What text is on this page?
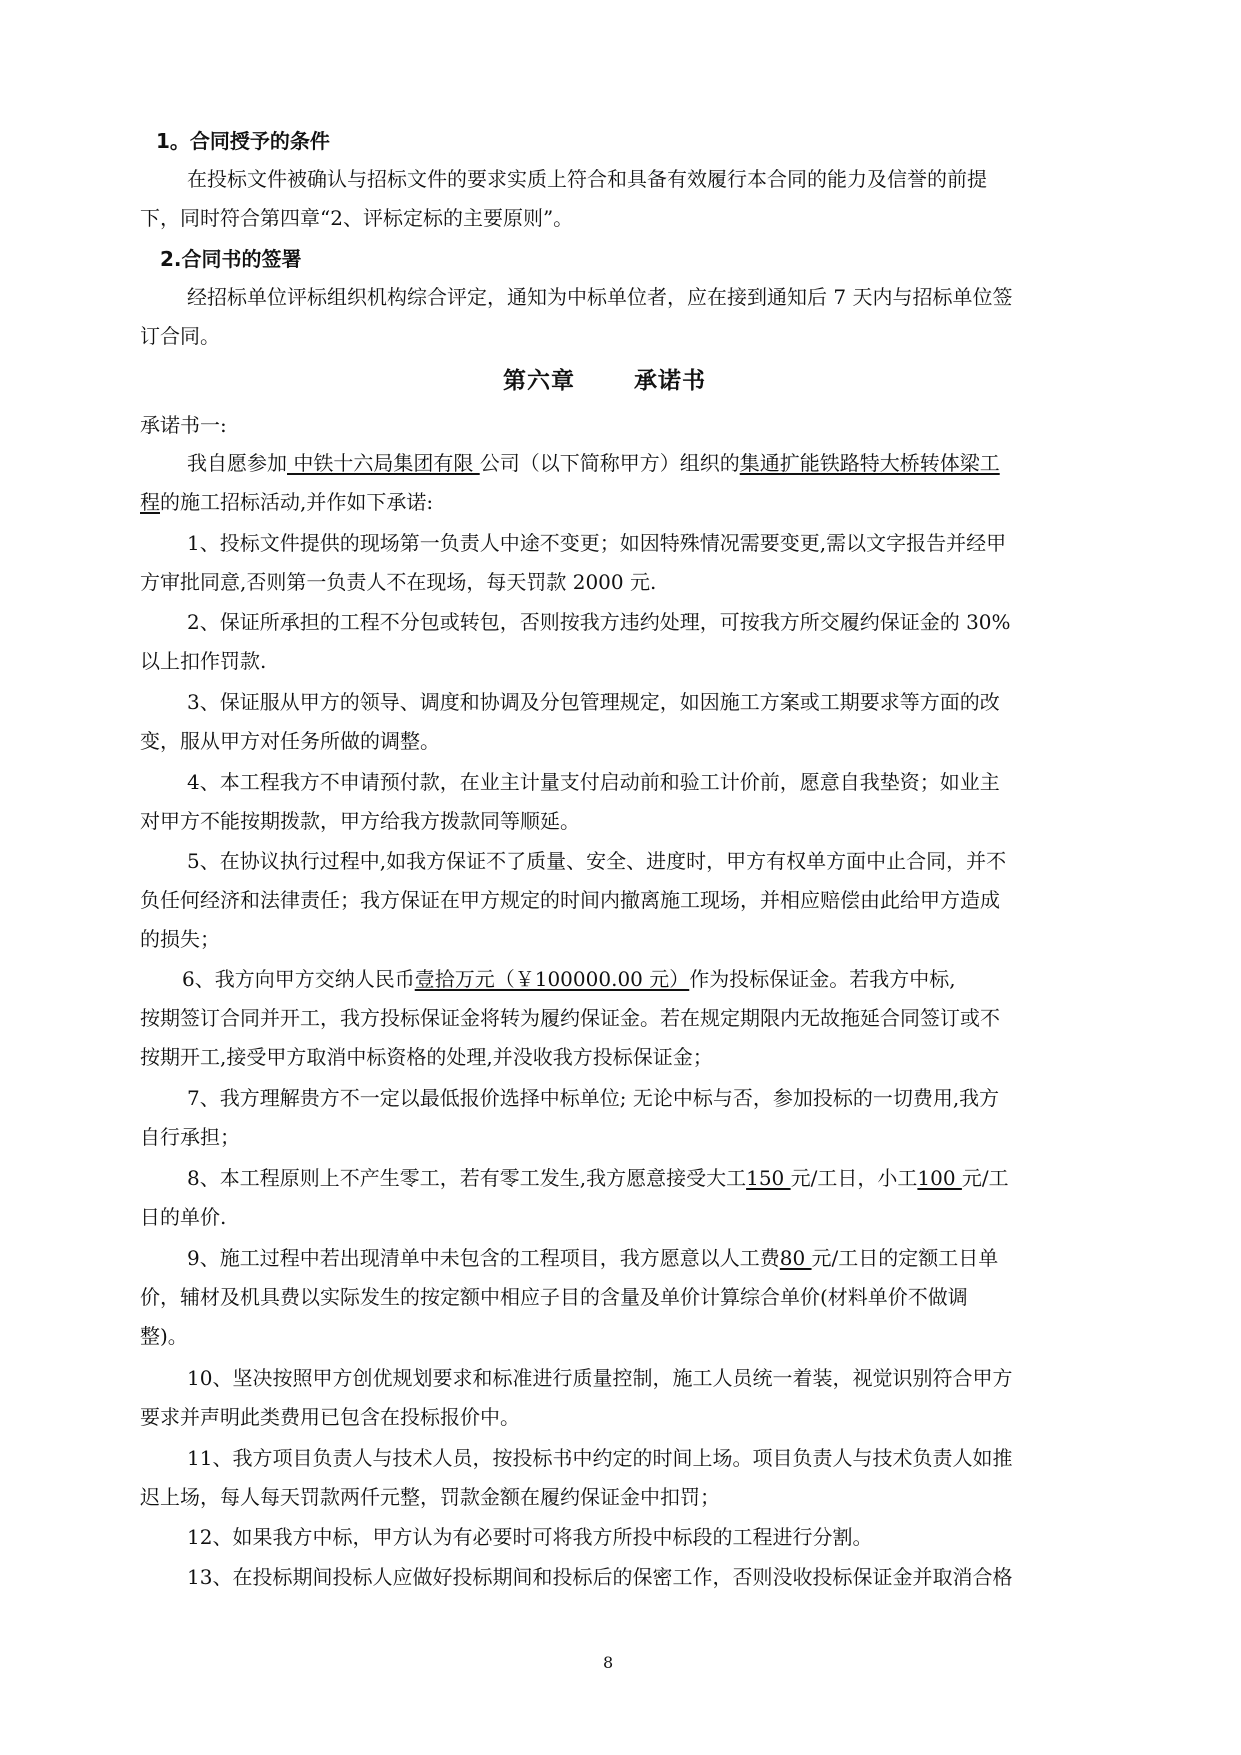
1。合同授予的条件
在投标文件被确认与招标文件的要求实质上符合和具备有效履行本合同的能力及信誉的前提
下，同时符合第四章“2、评标定标的主要原则”。
2.合同书的签署
经招标单位评标组织机构综合评定，通知为中标单位者，应在接到通知后 7 天内与招标单位签
订合同。
第六章	承诺书
承诺书一:
我自愿参加 中铁十六局集团有限 公司（以下简称甲方）组织的集通扩能铁路特大桥转体梁工
程的施工招标活动,并作如下承诺:
1、投标文件提供的现场第一负责人中途不变更；如因特殊情况需要变更,需以文字报告并经甲
方审批同意,否则第一负责人不在现场，每天罚款 2000 元.
2、保证所承担的工程不分包或转包，否则按我方违约处理，可按我方所交履约保证金的 30%
以上扣作罚款.
3、保证服从甲方的领导、调度和协调及分包管理规定，如因施工方案或工期要求等方面的改
变，服从甲方对任务所做的调整。
4、本工程我方不申请预付款，在业主计量支付启动前和验工计价前，愿意自我垫资；如业主
对甲方不能按期拨款，甲方给我方拨款同等顺延。
5、在协议执行过程中,如我方保证不了质量、安全、进度时，甲方有权单方面中止合同，并不
负任何经济和法律责任；我方保证在甲方规定的时间内撤离施工现场，并相应赔偿由此给甲方造成
的损失；
6、我方向甲方交纳人民币壹拾万元（￥100000.00 元）作为投标保证金。若我方中标,
按期签订合同并开工，我方投标保证金将转为履约保证金。若在规定期限内无故拖延合同签订或不
按期开工,接受甲方取消中标资格的处理,并没收我方投标保证金；
7、我方理解贵方不一定以最低报价选择中标单位; 无论中标与否，参加投标的一切费用,我方
自行承担；
8、本工程原则上不产生零工，若有零工发生,我方愿意接受大工150 元/工日，小工100 元/工
日的单价.
9、施工过程中若出现清单中未包含的工程项目，我方愿意以人工费80 元/工日的定额工日单
价，辅材及机具费以实际发生的按定额中相应子目的含量及单价计算综合单价(材料单价不做调
整)。
10、坚决按照甲方创优规划要求和标准进行质量控制，施工人员统一着装，视觉识别符合甲方
要求并声明此类费用已包含在投标报价中。
11、我方项目负责人与技术人员，按投标书中约定的时间上场。项目负责人与技术负责人如推
迟上场，每人每天罚款两仟元整，罚款金额在履约保证金中扣罚；
12、如果我方中标，甲方认为有必要时可将我方所投中标段的工程进行分割。
13、在投标期间投标人应做好投标期间和投标后的保密工作，否则没收投标保证金并取消合格
8
